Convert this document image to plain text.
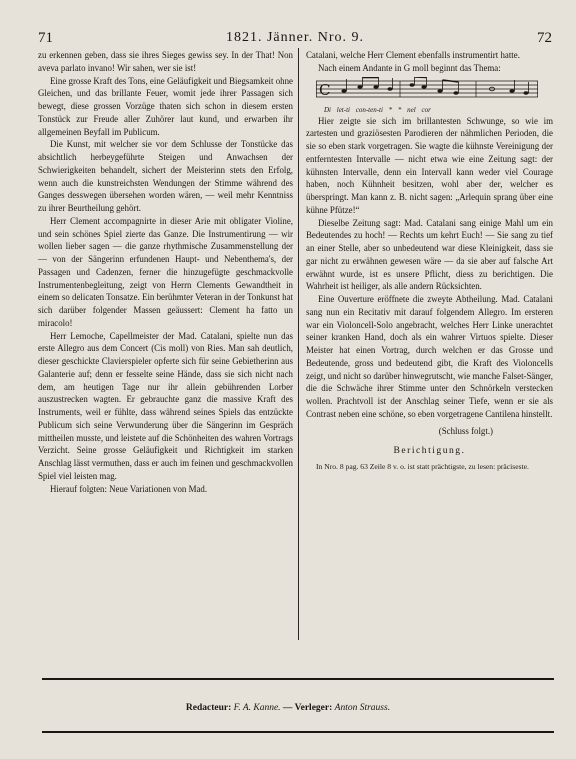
71	1821. Jänner. Nro. 9.	72

zu erkennen geben, dass sie ihres Sieges gewiss sey. In der That! Non aveva parlato invano! Wir sahen, wer sie ist!

Eine grosse Kraft des Tons, eine Geläufigkeit und Biegsamkeit ohne Gleichen, und das brillante Feuer, womit jede ihrer Passagen sich bewegt, diese grossen Vorzüge thaten sich schon in diesem ersten Tonstück zur Freude aller Zuhörer laut kund, und erwarben ihr allgemeinen Beyfall im Publicum.

Die Kunst, mit welcher sie vor dem Schlusse der Tonstücke das absichtlich herbeygeführte Steigen und Anwachsen der Schwierigkeiten behandelt, sichert der Meisterinn stets den Erfolg, wenn auch die kunstreichsten Wendungen der Stimme während des Ganges desswegen übersehen worden wären, — weil mehr Kenntniss zu ihrer Beurtheilung gehört.

Herr Clement accompagnirte in dieser Arie mit obligater Violine, und sein schönes Spiel zierte das Ganze. Die Instrumentirung — wir wollen lieber sagen — die ganze rhythmische Zusammenstellung der — von der Sängerinn erfundenen Haupt- und Nebenthema's, der Passagen und Cadenzen, ferner die hinzugefügte geschmackvolle Instrumentenbegleitung, zeigt von Herrn Clements Gewandtheit in einem so delicaten Tonsatze. Ein berühmter Veteran in der Tonkunst hat sich darüber folgender Massen geäussert: Clement ha fatto un miracolo!

Herr Lemoche, Capellmeister der Mad. Catalani, spielte nun das erste Allegro aus dem Concert (Cis moll) von Ries. Man sah deutlich, dieser geschickte Clavierspieler opferte sich für seine Gebietherinn aus Galanterie auf; denn er fesselte seine Hände, dass sie sich nicht nach dem, am heutigen Tage nur ihr allein gebührenden Lorber auszustrecken wagten. Er gebrauchte ganz die massive Kraft des Instruments, weil er fühlte, dass während seines Spiels das entzückte Publicum sich seine Verwunderung über die Sängerinn im Gespräch mittheilen musste, und leistete auf die Schönheiten des wahren Vortrags Verzicht. Seine grosse Geläufigkeit und Richtigkeit im starken Anschlag lässt vermuthen, dass er auch im feinen und geschmackvollen Spiel viel leisten mag.

Hierauf folgten: Neue Variationen von Mad.

Catalani, welche Herr Clement ebenfalls instrumentirt hatte.

Nach einem Andante in G moll beginnt das Thema:

C
Di let-ti con-ten-ti * * nel cor

Hier zeigte sie sich im brillantesten Schwunge, so wie im zartesten und graziösesten Parodieren der nähmlichen Perioden, die sie so eben stark vorgetragen. Sie wagte die kühnste Vereinigung der entferntesten Intervalle — nicht etwa wie eine Zeitung sagt: der kühnsten Intervalle, denn ein Intervall kann weder viel Courage haben, noch Kühnheit besitzen, wohl aber der, welcher es überspringt. Man kann z. B. nicht sagen: „Arlequin sprang über eine kühne Pfütze!“

Dieselbe Zeitung sagt: Mad. Catalani sang einige Mahl um ein Bedeutendes zu hoch! — Rechts um kehrt Euch! — Sie sang zu tief an einer Stelle, aber so unbedeutend war diese Kleinigkeit, dass sie gar nicht zu erwähnen gewesen wäre — da sie aber auf falsche Art erwähnt wurde, ist es unsere Pflicht, diess zu berichtigen. Die Wahrheit ist heiliger, als alle andern Rücksichten.

Eine Ouverture eröffnete die zweyte Abtheilung. Mad. Catalani sang nun ein Recitativ mit darauf folgendem Allegro. Im ersteren war ein Violoncell-Solo angebracht, welches Herr Linke unerachtet seiner kranken Hand, doch als ein wahrer Virtuos spielte. Dieser Meister hat einen Vortrag, durch welchen er das Grosse und Bedeutende, gross und bedeutend gibt, die Kraft des Violoncells zeigt, und nicht so darüber hinwegrutscht, wie manche Falset-Sänger, die die Schwäche ihrer Stimme unter den Schnörkeln verstecken wollen. Prachtvoll ist der Anschlag seiner Tiefe, wenn er sie als Contrast neben eine schöne, so eben vorgetragene Cantilena hinstellt.

(Schluss folgt.)

Berichtigung.

In Nro. 8 pag. 63 Zeile 8 v. o. ist statt prächtigste, zu lesen: präciseste.

Redacteur: F. A. Kanne. — Verleger: Anton Strauss.
